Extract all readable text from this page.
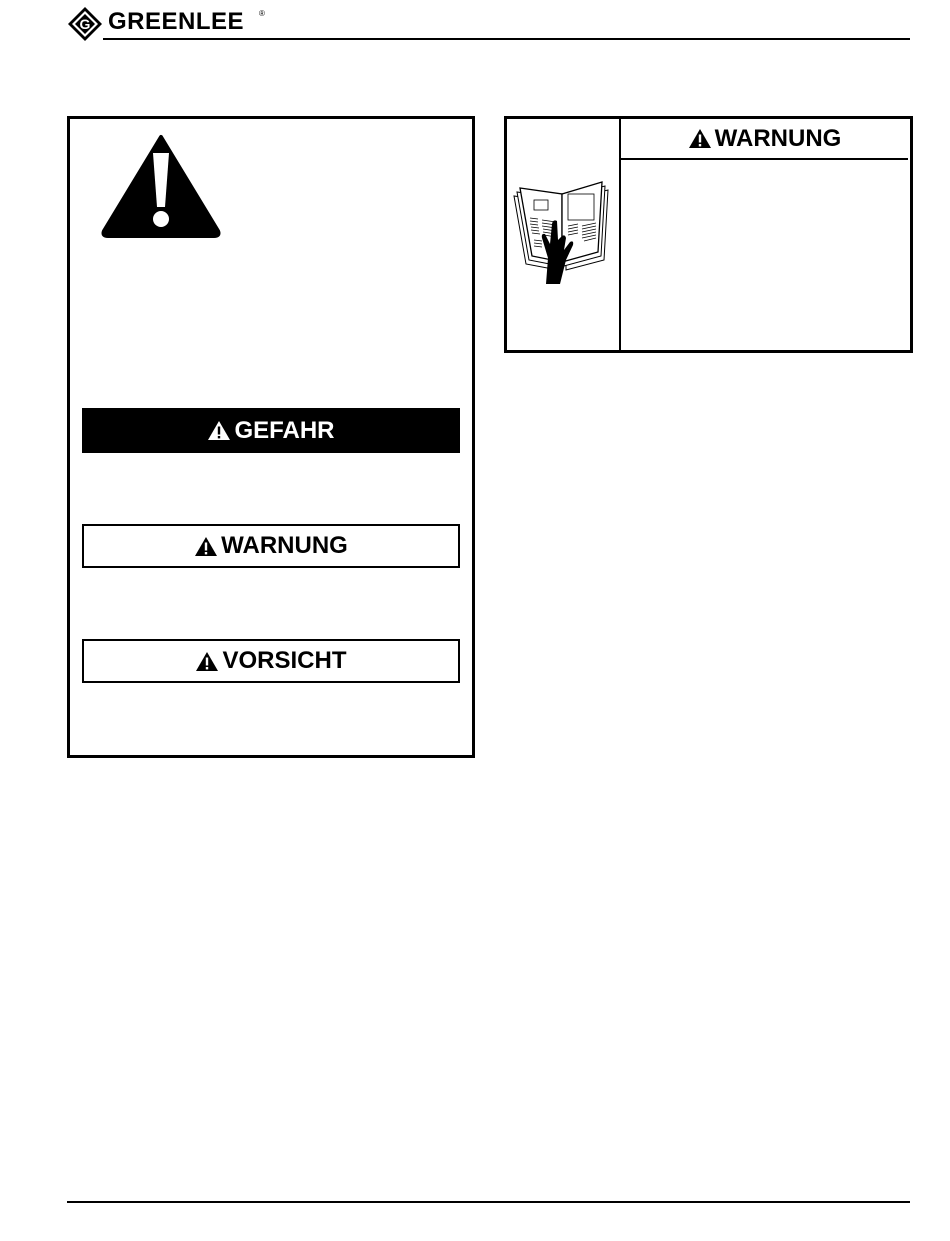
G GREENLEE ®
GEFAHR
WARNUNG
VORSICHT
WARNUNG
